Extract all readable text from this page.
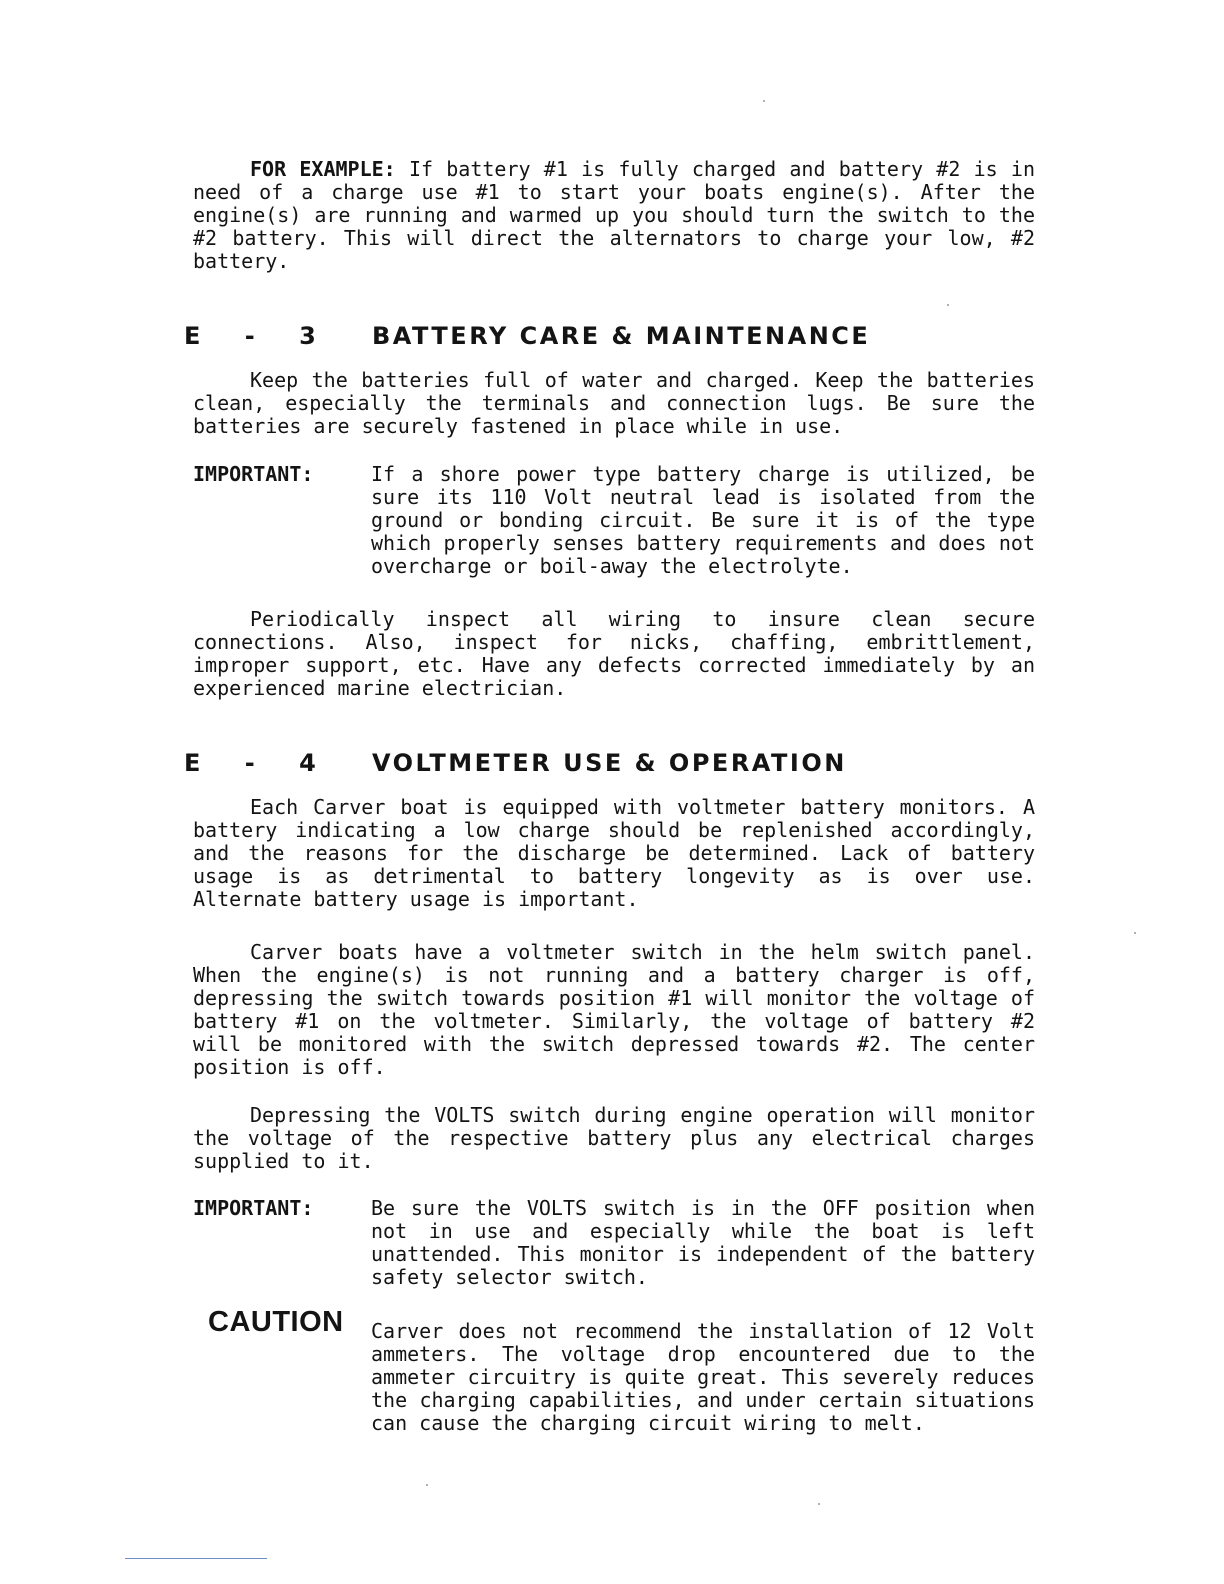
FOR EXAMPLE: If battery #1 is fully charged and battery #2 is in need of a charge use #1 to start your boats engine(s). After the engine(s) are running and warmed up you should turn the switch to the #2 battery. This will direct the alternators to charge your low, #2 battery.

E - 3 BATTERY CARE & MAINTENANCE

Keep the batteries full of water and charged. Keep the batteries clean, especially the terminals and connection lugs. Be sure the batteries are securely fastened in place while in use.

IMPORTANT:	If a shore power type battery charge is utilized, be sure its 110 Volt neutral lead is isolated from the ground or bonding circuit. Be sure it is of the type which properly senses battery requirements and does not overcharge or boil-away the electrolyte.

Periodically inspect all wiring to insure clean secure connections. Also, inspect for nicks, chaffing, embrittlement, improper support, etc. Have any defects corrected immediately by an experienced marine electrician.

E - 4 VOLTMETER USE & OPERATION

Each Carver boat is equipped with voltmeter battery monitors. A battery indicating a low charge should be replenished accordingly, and the reasons for the discharge be determined. Lack of battery usage is as detrimental to battery longevity as is over use. Alternate battery usage is important.

Carver boats have a voltmeter switch in the helm switch panel. When the engine(s) is not running and a battery charger is off, depressing the switch towards position #1 will monitor the voltage of battery #1 on the voltmeter. Similarly, the voltage of battery #2 will be monitored with the switch depressed towards #2. The center position is off.

Depressing the VOLTS switch during engine operation will monitor the voltage of the respective battery plus any electrical charges supplied to it.

IMPORTANT:	Be sure the VOLTS switch is in the OFF position when not in use and especially while the boat is left unattended. This monitor is independent of the battery safety selector switch.

CAUTION Carver does not recommend the installation of 12 Volt ammeters. The voltage drop encountered due to the ammeter circuitry is quite great. This severely reduces the charging capabilities, and under certain situations can cause the charging circuit wiring to melt.
